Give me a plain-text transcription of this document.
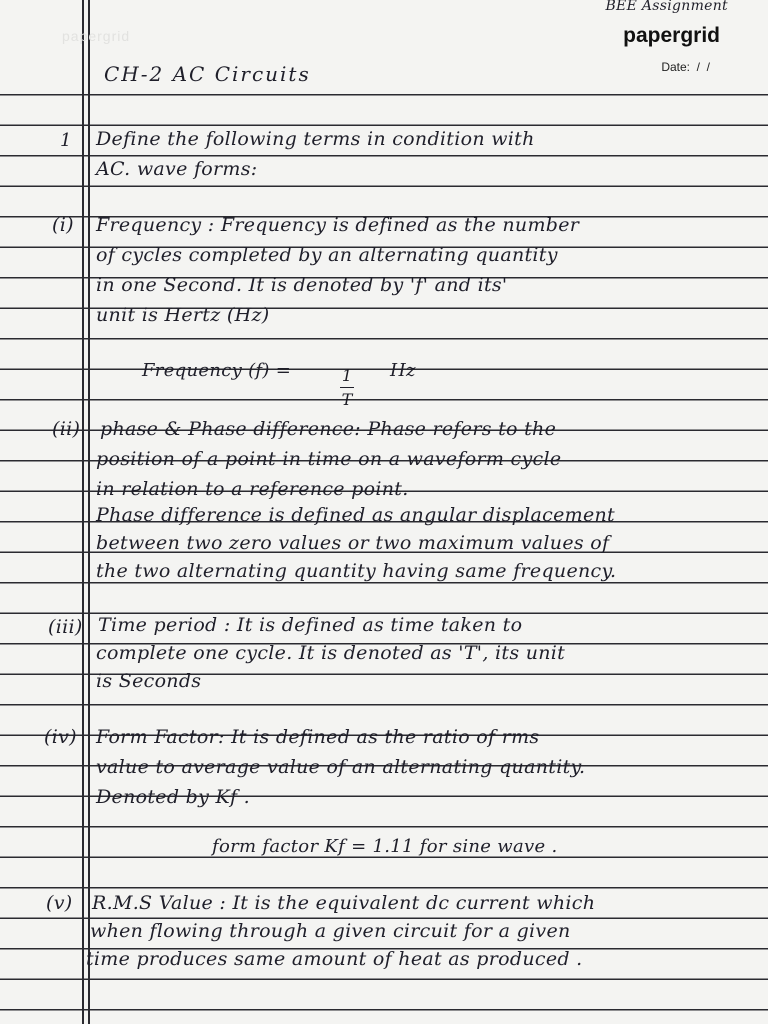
papergrid
BEE Assignment
papergrid
Date:  /  /
CH-2 AC Circuits
1 Define the following terms in condition with
AC. wave forms:
(i) Frequency : Frequency is defined as the number
of cycles completed by an alternating quantity
in one Second. It is denoted by 'f' and its'
unit is Hertz (Hz)
Frequency (f) =	1
T
Hz
(ii) phase & Phase difference: Phase refers to the
position of a point in time on a waveform cycle
in relation to a reference point.
Phase difference is defined as angular displacement
between two zero values or two maximum values of
the two alternating quantity having same frequency.
(iii) Time period : It is defined as time taken to
complete one cycle. It is denoted as 'T', its unit
is Seconds
(iv) Form Factor: It is defined as the ratio of rms
value to average value of an alternating quantity.
Denoted by Kf .
form factor Kf = 1.11 for sine wave .
(v) R.M.S Value : It is the equivalent dc current which
when flowing through a given circuit for a given
time produces same amount of heat as produced .
